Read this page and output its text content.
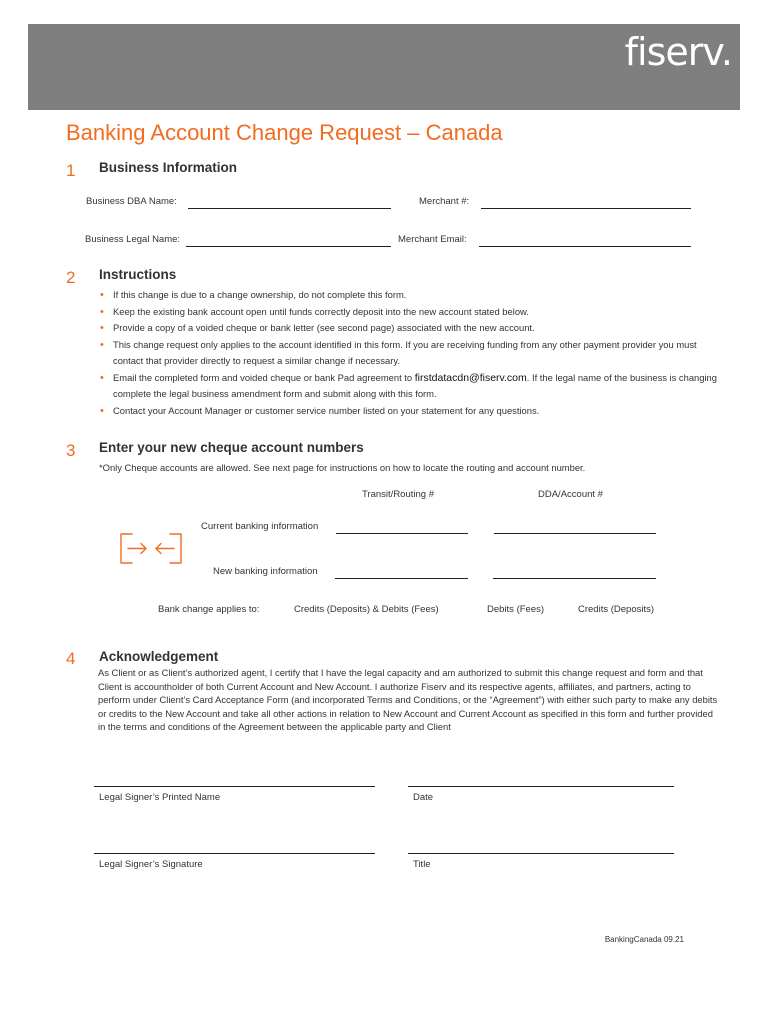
fiserv.
Banking Account Change Request – Canada
1 Business Information
Business DBA Name:	Merchant #:
Business Legal Name:	Merchant Email:
2 Instructions
• If this change is due to a change ownership, do not complete this form.
• Keep the existing bank account open until funds correctly deposit into the new account stated below.
• Provide a copy of a voided cheque or bank letter (see second page) associated with the new account.
• This change request only applies to the account identified in this form. If you are receiving funding from any other payment provider you must contact that provider directly to request a similar change if necessary.
• Email the completed form and voided cheque or bank Pad agreement to firstdatacdn@fiserv.com. If the legal name of the business is changing complete the legal business amendment form and submit along with this form.
• Contact your Account Manager or customer service number listed on your statement for any questions.
3 Enter your new cheque account numbers
*Only Cheque accounts are allowed. See next page for instructions on how to locate the routing and account number.
Transit/Routing #	DDA/Account #
Current banking information
New banking information
Bank change applies to:	Credits (Deposits) & Debits (Fees)	Debits (Fees)	Credits (Deposits)
4 Acknowledgement

As Client or as Client’s authorized agent, I certify that I have the legal capacity and am authorized to submit this change request and form and that Client is accountholder of both Current Account and New Account. I authorize Fiserv and its respective agents, affiliates, and partners, acting to perform under Client’s Card Acceptance Form (and incorporated Terms and Conditions, or the “Agreement”) with either such party to make any debits or credits to the New Account and take all other actions in relation to New Account and Current Account as specified in this form and further provided in the terms and conditions of the Agreement between the applicable party and Client

Legal Signer’s Printed Name	Date
Legal Signer’s Signature	Title
BankingCanada 09.21
